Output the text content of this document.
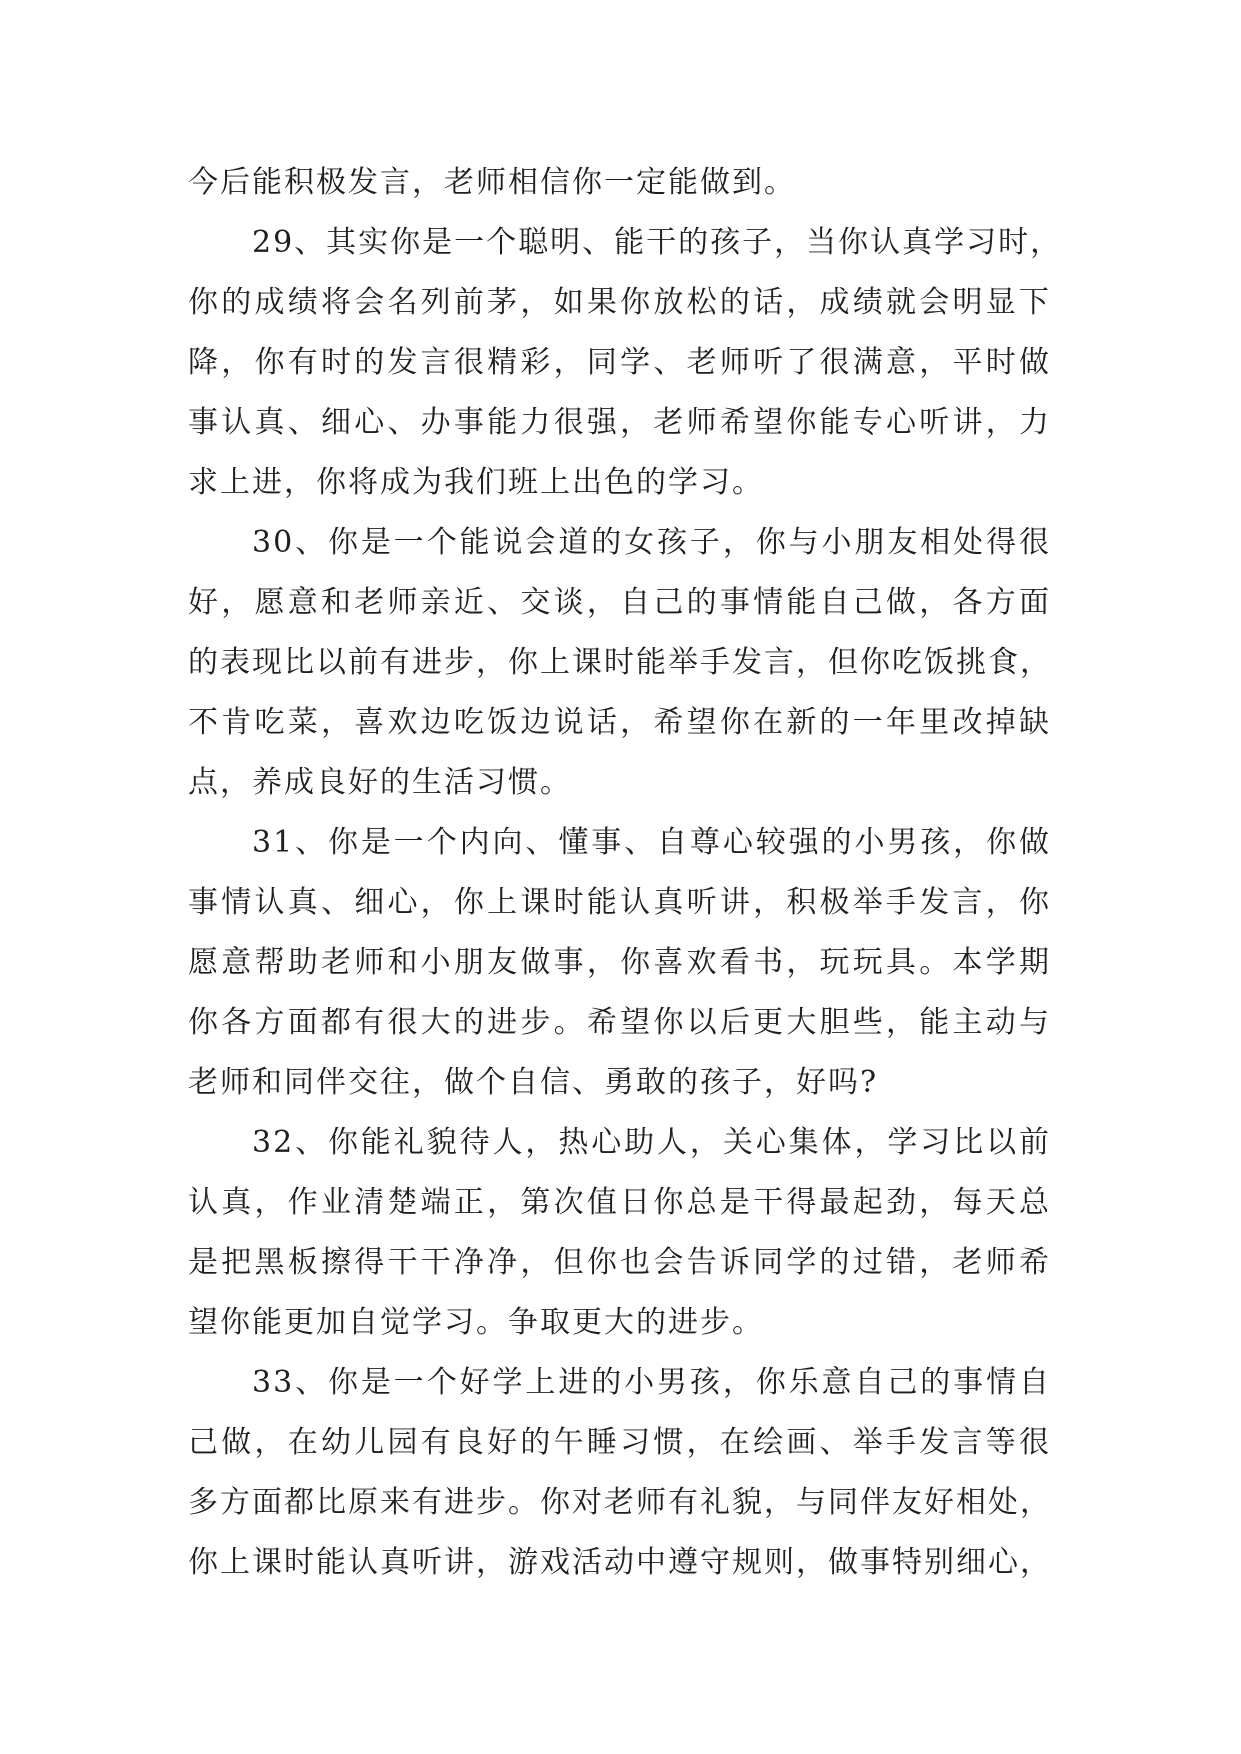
今后能积极发言，老师相信你一定能做到。
29、其实你是一个聪明、能干的孩子，当你认真学习时，
你的成绩将会名列前茅，如果你放松的话，成绩就会明显下
降，你有时的发言很精彩，同学、老师听了很满意，平时做
事认真、细心、办事能力很强，老师希望你能专心听讲，力
求上进，你将成为我们班上出色的学习。
30、你是一个能说会道的女孩子，你与小朋友相处得很
好，愿意和老师亲近、交谈，自己的事情能自己做，各方面
的表现比以前有进步，你上课时能举手发言，但你吃饭挑食，
不肯吃菜，喜欢边吃饭边说话，希望你在新的一年里改掉缺
点，养成良好的生活习惯。
31、你是一个内向、懂事、自尊心较强的小男孩，你做
事情认真、细心，你上课时能认真听讲，积极举手发言，你
愿意帮助老师和小朋友做事，你喜欢看书，玩玩具。本学期
你各方面都有很大的进步。希望你以后更大胆些，能主动与
老师和同伴交往，做个自信、勇敢的孩子，好吗?
32、你能礼貌待人，热心助人，关心集体，学习比以前
认真，作业清楚端正，第次值日你总是干得最起劲，每天总
是把黑板擦得干干净净，但你也会告诉同学的过错，老师希
望你能更加自觉学习。争取更大的进步。
33、你是一个好学上进的小男孩，你乐意自己的事情自
己做，在幼儿园有良好的午睡习惯，在绘画、举手发言等很
多方面都比原来有进步。你对老师有礼貌，与同伴友好相处，
你上课时能认真听讲，游戏活动中遵守规则，做事特别细心，
